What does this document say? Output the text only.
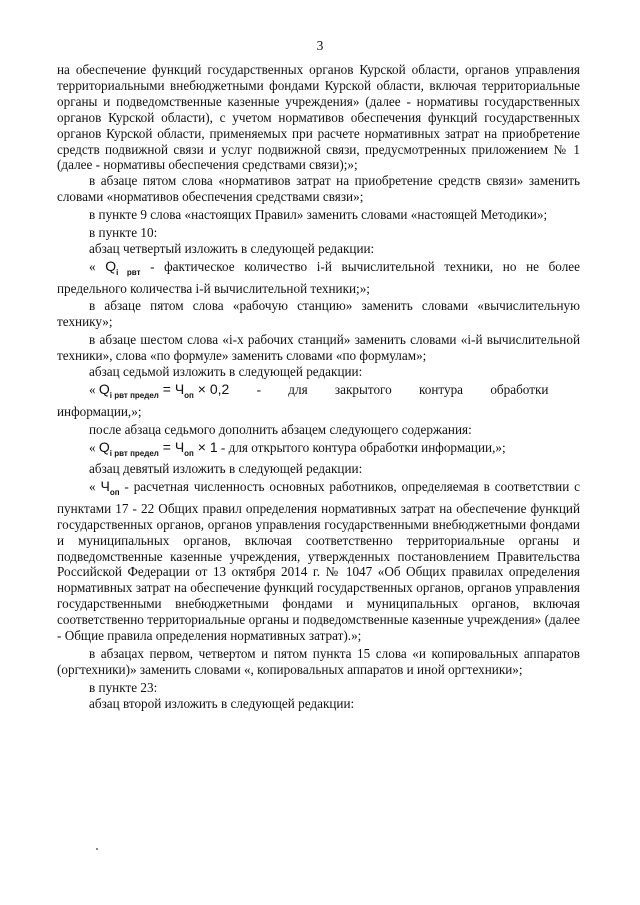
3

на обеспечение функций государственных органов Курской области, органов управления территориальными внебюджетными фондами Курской области, включая территориальные органы и подведомственные казенные учреждения» (далее - нормативы государственных органов Курской области), с учетом нормативов обеспечения функций государственных органов Курской области, применяемых при расчете нормативных затрат на приобретение средств подвижной связи и услуг подвижной связи, предусмотренных приложением № 1 (далее - нормативы обеспечения средствами связи);»;

в абзаце пятом слова «нормативов затрат на приобретение средств связи» заменить словами «нормативов обеспечения средствами связи»;

в пункте 9 слова «настоящих Правил» заменить словами «настоящей Методики»;

в пункте 10:

абзац четвертый изложить в следующей редакции:

« $Q_{i рвт}$ - фактическое количество i-й вычислительной техники, но не более предельного количества i-й вычислительной техники;»;

в абзаце пятом слова «рабочую станцию» заменить словами «вычислительную технику»;

в абзаце шестом слова «i-х рабочих станций» заменить словами «i-й вычислительной техники», слова «по формуле» заменить словами «по формулам»;

абзац седьмой изложить в следующей редакции:

« $Q_{i рвт предел} = Ч_{оп} \times 0,2$ - для закрытого контура обработки
информации,»;

после абзаца седьмого дополнить абзацем следующего содержания:

« $Q_{i рвт предел} = Ч_{оп} \times 1$ - для открытого контура обработки информации,»;

абзац девятый изложить в следующей редакции:

« $Ч_{оп}$ - расчетная численность основных работников, определяемая в соответствии с пунктами 17 - 22 Общих правил определения нормативных затрат на обеспечение функций государственных органов, органов управления государственными внебюджетными фондами и муниципальных органов, включая соответственно территориальные органы и подведомственные казенные учреждения, утвержденных постановлением Правительства Российской Федерации от 13 октября 2014 г. № 1047 «Об Общих правилах определения нормативных затрат на обеспечение функций государственных органов, органов управления государственными внебюджетными фондами и муниципальных органов, включая соответственно территориальные органы и подведомственные казенные учреждения» (далее - Общие правила определения нормативных затрат).»;

в абзацах первом, четвертом и пятом пункта 15 слова «и копировальных аппаратов (оргтехники)» заменить словами «, копировальных аппаратов и иной оргтехники»;

в пункте 23:

абзац второй изложить в следующей редакции:
